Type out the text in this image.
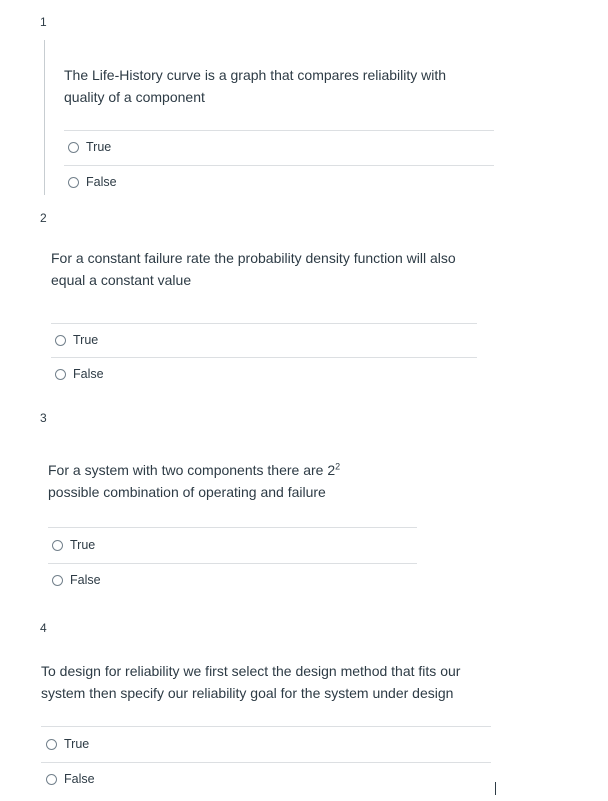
1

The Life-History curve is a graph that compares reliability with quality of a component

True
False
2

For a constant failure rate the probability density function will also equal a constant value

True
False
3

For a system with two components there are $2^2$ possible combination of operating and failure

True
False
4

To design for reliability we first select the design method that fits our system then specify our reliability goal for the system under design

True
False
